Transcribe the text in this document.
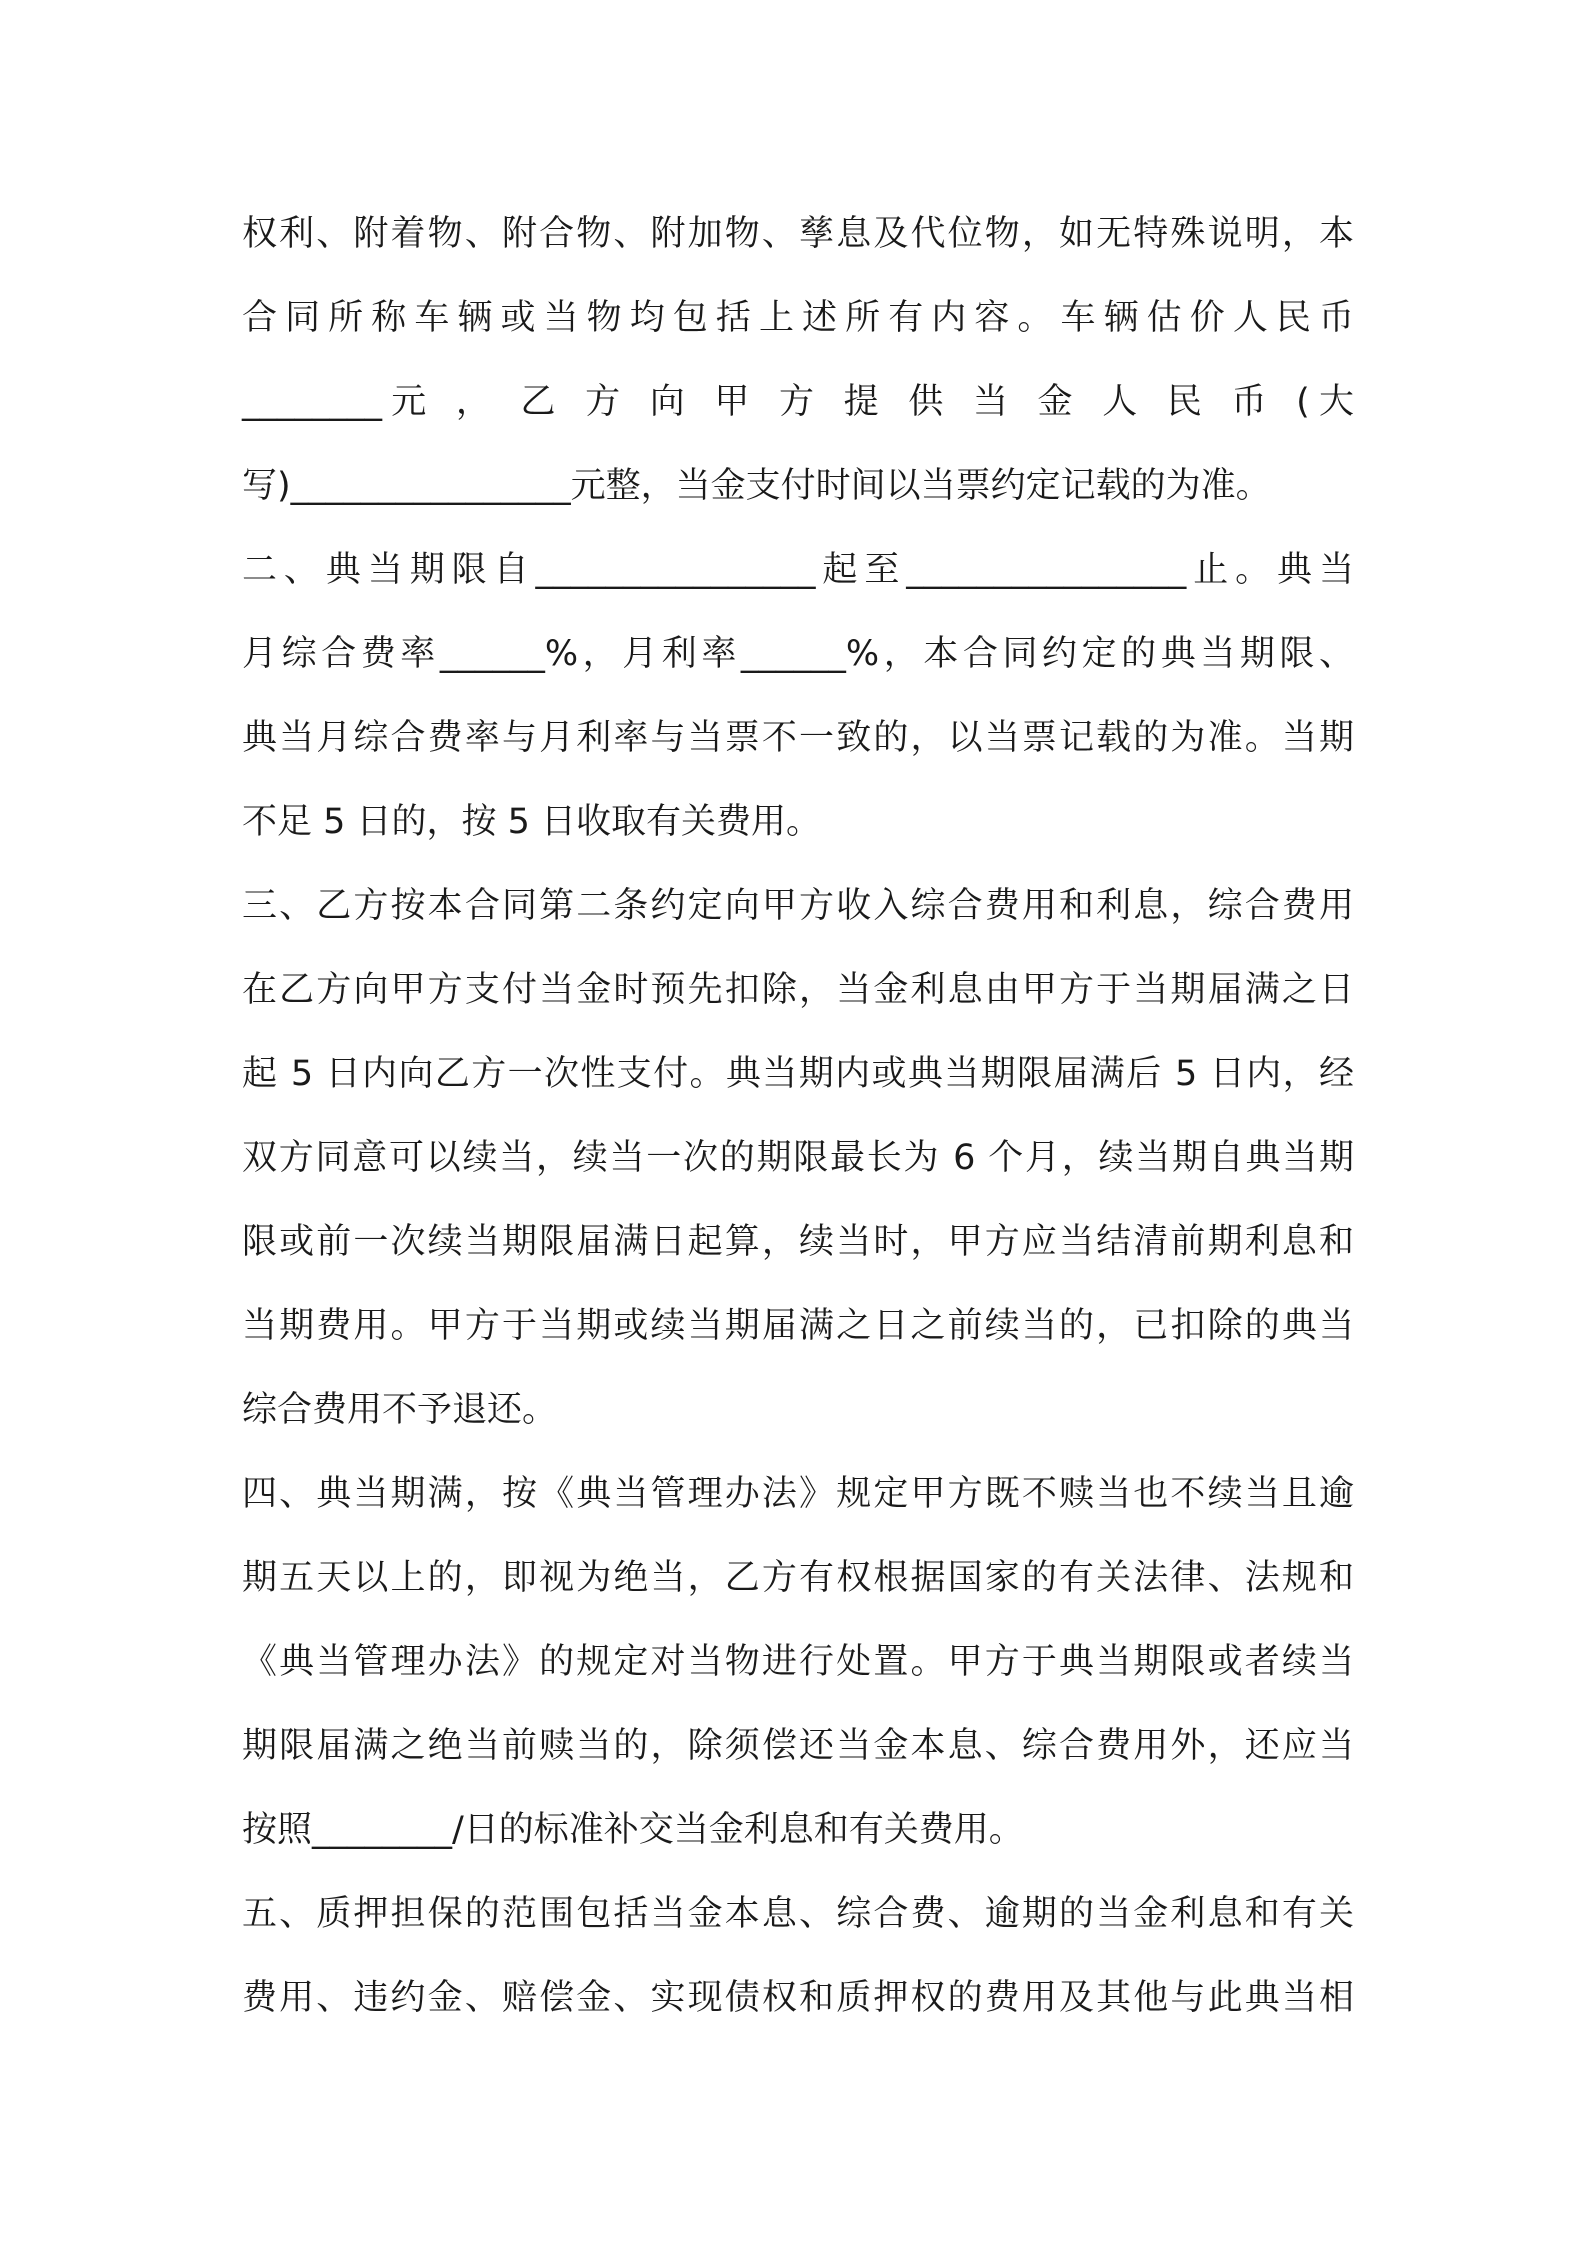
权利、附着物、附合物、附加物、孳息及代位物，如无特殊说明，本
合同所称车辆或当物均包括上述所有内容。车辆估价人民币
________元 ， 乙 方 向 甲 方 提 供 当 金 人 民 币 (大
写)________________元整，当金支付时间以当票约定记载的为准。
二、典当期限自________________起至________________止。典当
月综合费率______%，月利率______%，本合同约定的典当期限、
典当月综合费率与月利率与当票不一致的，以当票记载的为准。当期
不足 5 日的，按 5 日收取有关费用。
三、乙方按本合同第二条约定向甲方收入综合费用和利息，综合费用
在乙方向甲方支付当金时预先扣除，当金利息由甲方于当期届满之日
起 5 日内向乙方一次性支付。典当期内或典当期限届满后 5 日内，经
双方同意可以续当，续当一次的期限最长为 6 个月，续当期自典当期
限或前一次续当期限届满日起算，续当时，甲方应当结清前期利息和
当期费用。甲方于当期或续当期届满之日之前续当的，已扣除的典当
综合费用不予退还。
四、典当期满，按《典当管理办法》规定甲方既不赎当也不续当且逾
期五天以上的，即视为绝当，乙方有权根据国家的有关法律、法规和
《典当管理办法》的规定对当物进行处置。甲方于典当期限或者续当
期限届满之绝当前赎当的，除须偿还当金本息、综合费用外，还应当
按照________/日的标准补交当金利息和有关费用。
五、质押担保的范围包括当金本息、综合费、逾期的当金利息和有关
费用、违约金、赔偿金、实现债权和质押权的费用及其他与此典当相
